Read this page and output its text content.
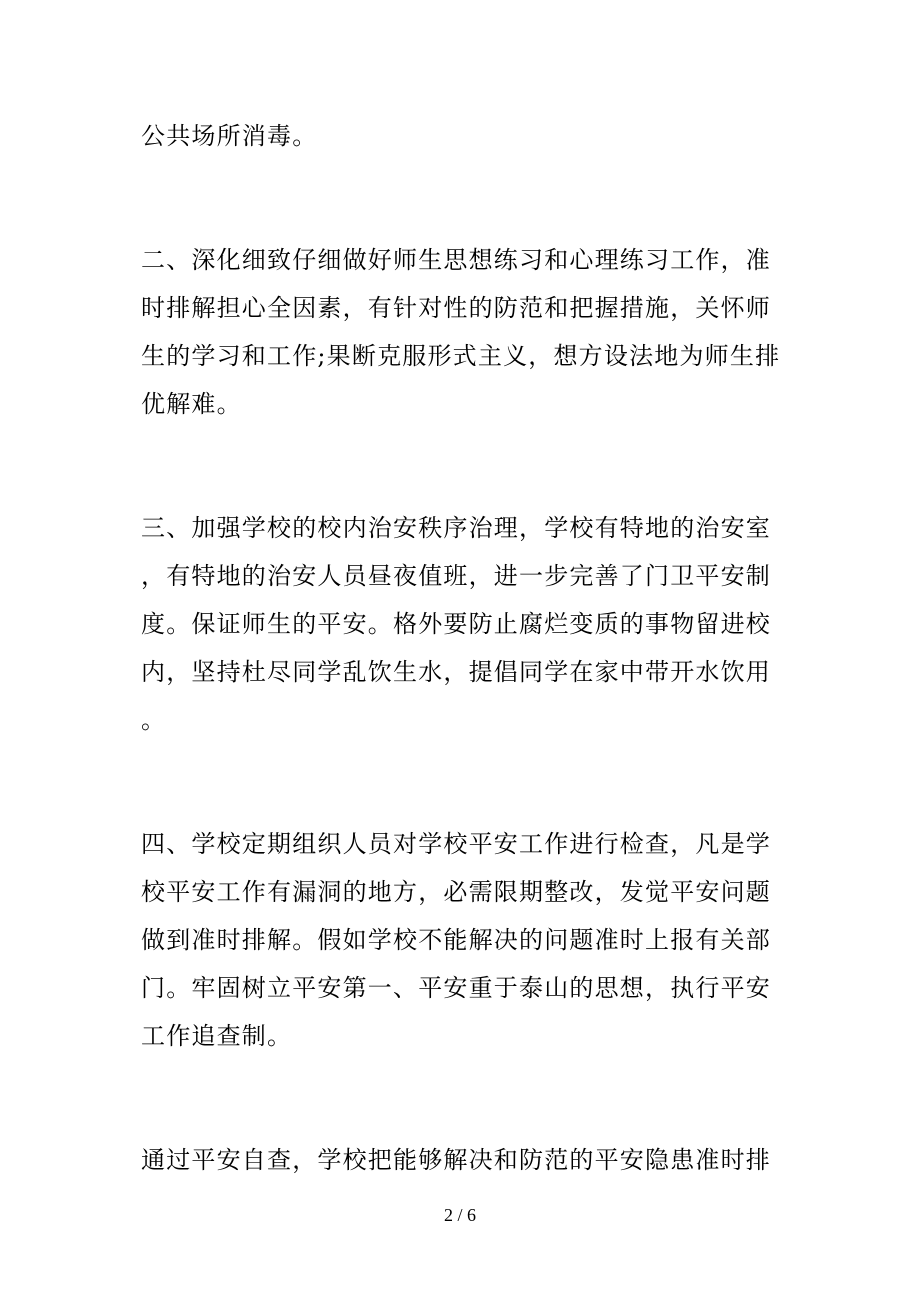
公共场所消毒。
二、深化细致仔细做好师生思想练习和心理练习工作，准
时排解担心全因素，有针对性的防范和把握措施，关怀师
生的学习和工作;果断克服形式主义，想方设法地为师生排
优解难。
三、加强学校的校内治安秩序治理，学校有特地的治安室
，有特地的治安人员昼夜值班，进一步完善了门卫平安制
度。保证师生的平安。格外要防止腐烂变质的事物留进校
内，坚持杜尽同学乱饮生水，提倡同学在家中带开水饮用
。
四、学校定期组织人员对学校平安工作进行检查，凡是学
校平安工作有漏洞的地方，必需限期整改，发觉平安问题
做到准时排解。假如学校不能解决的问题准时上报有关部
门。牢固树立平安第一、平安重于泰山的思想，执行平安
工作追查制。
通过平安自查，学校把能够解决和防范的平安隐患准时排
2 / 6
